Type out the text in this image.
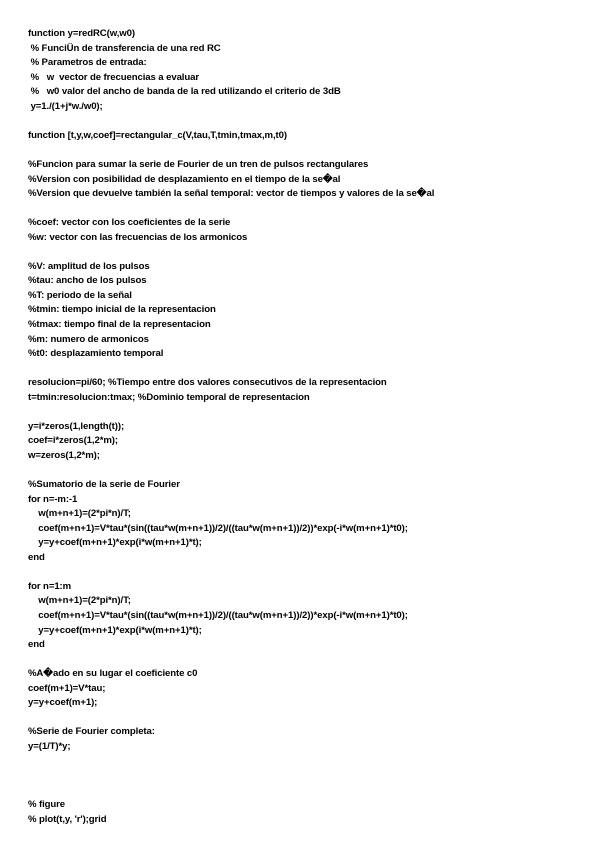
function y=redRC(w,w0)
% FunciÜn de transferencia de una red RC
% Parametros de entrada:
%   w  vector de frecuencias a evaluar
%   w0 valor del ancho de banda de la red utilizando el criterio de 3dB
y=1./(1+j*w./w0);
function [t,y,w,coef]=rectangular_c(V,tau,T,tmin,tmax,m,t0)
%Funcion para sumar la serie de Fourier de un tren de pulsos rectangulares
%Version con posibilidad de desplazamiento en el tiempo de la se�al
%Version que devuelve también la señal temporal: vector de tiempos y valores de la se�al
%coef: vector con los coeficientes de la serie
%w: vector con las frecuencias de los armonicos
%V: amplitud de los pulsos
%tau: ancho de los pulsos
%T: periodo de la señal
%tmin: tiempo inicial de la representacion
%tmax: tiempo final de la representacion
%m: numero de armonicos
%t0: desplazamiento temporal
resolucion=pi/60; %Tiempo entre dos valores consecutivos de la representacion
t=tmin:resolucion:tmax; %Dominio temporal de representacion
y=i*zeros(1,length(t));
coef=i*zeros(1,2*m);
w=zeros(1,2*m);
%Sumatorio de la serie de Fourier
for n=-m:-1
w(m+n+1)=(2*pi*n)/T;
coef(m+n+1)=V*tau*(sin((tau*w(m+n+1))/2)/((tau*w(m+n+1))/2))*exp(-i*w(m+n+1)*t0);
y=y+coef(m+n+1)*exp(i*w(m+n+1)*t);
end
for n=1:m
w(m+n+1)=(2*pi*n)/T;
coef(m+n+1)=V*tau*(sin((tau*w(m+n+1))/2)/((tau*w(m+n+1))/2))*exp(-i*w(m+n+1)*t0);
y=y+coef(m+n+1)*exp(i*w(m+n+1)*t);
end
%A�ado en su lugar el coeficiente c0
coef(m+1)=V*tau;
y=y+coef(m+1);
%Serie de Fourier completa:
y=(1/T)*y;
% figure
% plot(t,y, 'r');grid
